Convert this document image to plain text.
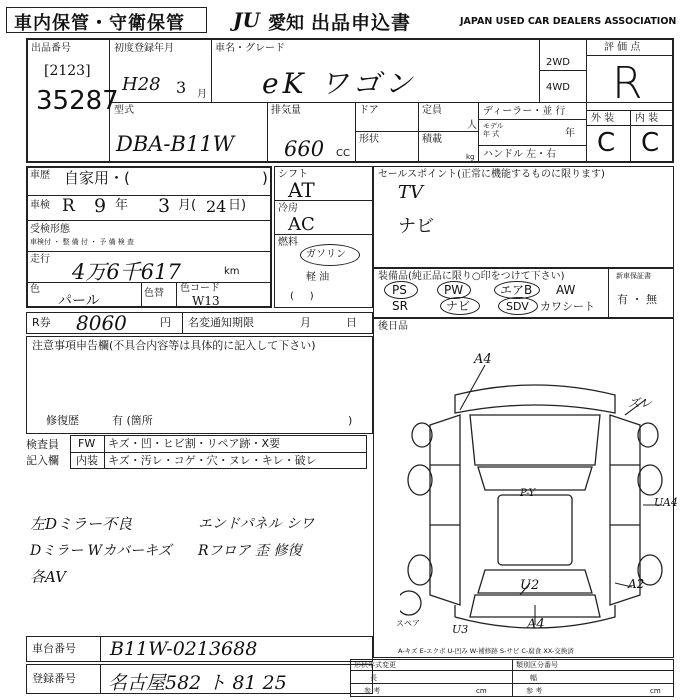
車内保管・守衛保管 JU 愛知 出品申込書	JAPAN USED CAR DEALERS ASSOCIATION
出品番号
[2123]
35287
初度登録年月
H28 3 月
車名・グレード
eK ワゴン
2WD
4WD
評 価 点
R
型式
DBA-B11W
排気量
660 CC
ドア
形状
定員
人
積載
kg
ディーラー・並 行
モデル
年 式	年
ハンドル 左・右
外 装 内 装
C C
車歴 自家用・(	)
車検 R 9 年 3 月( 24 日)
受検形態
車検付 ・ 整 備 付 ・ 予 備 検 査
走行
4万6千617	km
色
パール	色替 色コード
W13
シフト
AT
冷房
AC
燃料
ガソリン
軽 油
(     )
セールスポイント(正常に機能するものに限ります)
TV
ナビ
装備品(純正品に限り○印をつけて下さい)
PS	PW	エアB AW
SR	ナビ	SDV カワシート
新車保証書
有 ・ 無
R券 8060	円 名変通知期限	月	日
注意事項申告欄(不具合内容等は具体的に記入して下さい)
修復歴	有 (箇所	)
検査員
記入欄
FW キズ・凹・ヒビ割・リペア跡・X要
内装 キズ・汚レ・コゲ・穴・ヌレ・キレ・破レ
左Dミラー不良
Dミラー Wカバーキズ
各AV
エンドパネル シワ
Rフロア 歪 修復
後日品
A4
ズレ
UA4
A2
U2
A4
U3
スペア
P-Y
A-キズ E-エクボ U-凹み W-補修跡 S-サビ C-腐食 XX-交換済
車台番号 B11W-0213688
登録番号 名古屋582 ト 81 25
形状年式変更	類別区分番号
長	幅
参 考	参 考
cm	cm
